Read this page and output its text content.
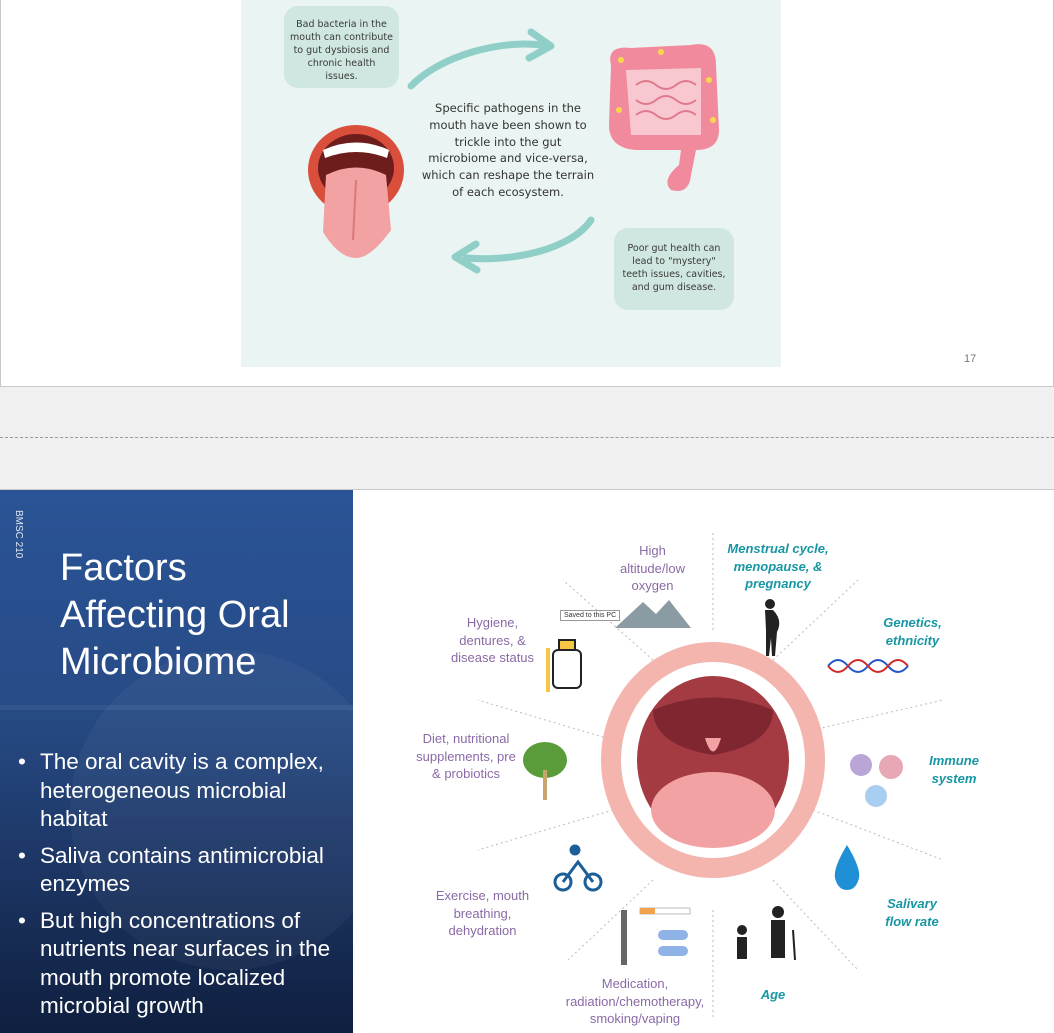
Bad bacteria in the mouth can contribute to gut dysbiosis and chronic health issues.
Specific pathogens in the mouth have been shown to trickle into the gut microbiome and vice-versa, which can reshape the terrain of each ecosystem.
Poor gut health can lead to "mystery" teeth issues, cavities, and gum disease.
17
BMSC 210
Factors Affecting Oral Microbiome
• The oral cavity is a complex, heterogeneous microbial habitat
• Saliva contains antimicrobial enzymes
• But high concentrations of nutrients near surfaces in the mouth promote localized microbial growth
High altitude/low oxygen
Menstrual cycle, menopause, & pregnancy
Hygiene, dentures, & disease status
Genetics, ethnicity
Diet, nutritional supplements, pre & probiotics
Immune system
Exercise, mouth breathing, dehydration
Salivary flow rate
Medication, radiation/chemotherapy, smoking/vaping
Age
Saved to this PC
